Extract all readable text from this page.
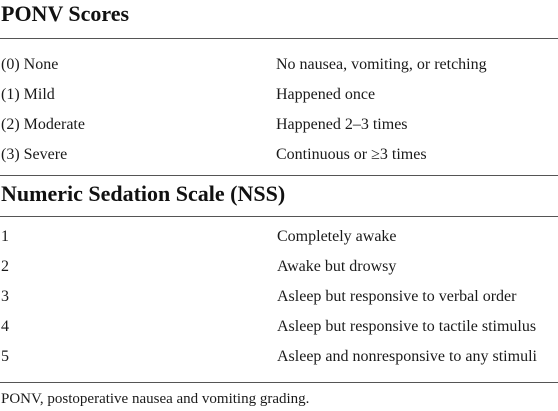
PONV Scores
(0) None	No nausea, vomiting, or retching
(1) Mild	Happened once
(2) Moderate	Happened 2–3 times
(3) Severe	Continuous or ≥3 times
Numeric Sedation Scale (NSS)
1	Completely awake
2	Awake but drowsy
3	Asleep but responsive to verbal order
4	Asleep but responsive to tactile stimulus
5	Asleep and nonresponsive to any stimuli
PONV, postoperative nausea and vomiting grading.
